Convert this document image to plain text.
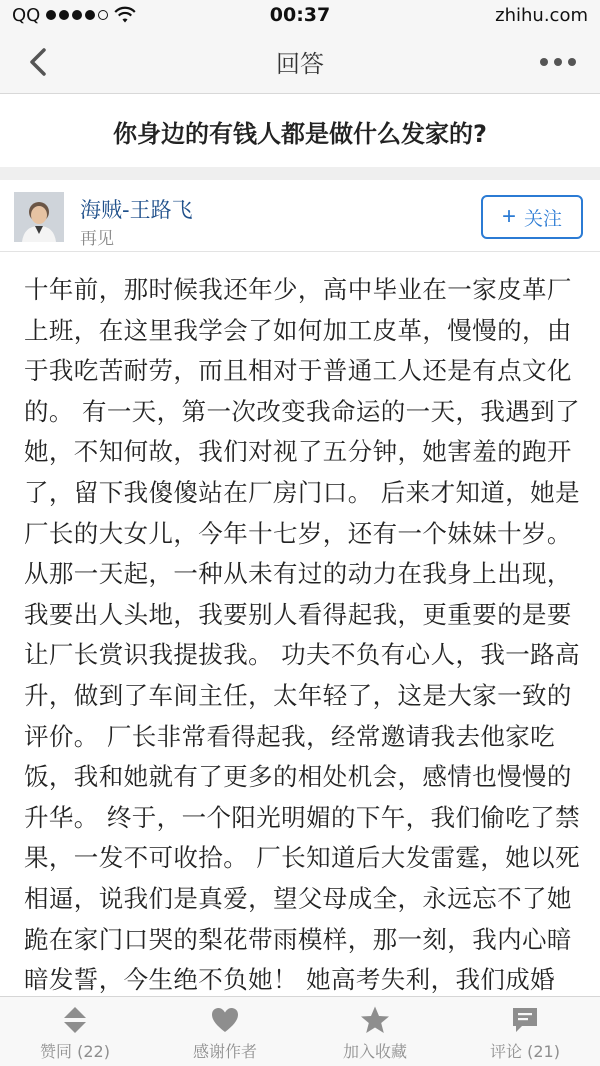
QQ	00:37	zhihu.com
回答
你身边的有钱人都是做什么发家的?
海贼-王路飞
再见
+ 关注

十年前，那时候我还年少，高中毕业在一家皮革厂上班，在这里我学会了如何加工皮革，慢慢的，由于我吃苦耐劳，而且相对于普通工人还是有点文化的。 有一天，第一次改变我命运的一天，我遇到了她，不知何故，我们对视了五分钟，她害羞的跑开了，留下我傻傻站在厂房门口。 后来才知道，她是厂长的大女儿，今年十七岁，还有一个妹妹十岁。 从那一天起，一种从未有过的动力在我身上出现，我要出人头地，我要别人看得起我，更重要的是要让厂长赏识我提拔我。 功夫不负有心人，我一路高升，做到了车间主任，太年轻了，这是大家一致的评价。 厂长非常看得起我，经常邀请我去他家吃饭，我和她就有了更多的相处机会，感情也慢慢的升华。 终于，一个阳光明媚的下午，我们偷吃了禁果，一发不可收拾。 厂长知道后大发雷霆，她以死相逼，说我们是真爱，望父母成全，永远忘不了她跪在家门口哭的梨花带雨模样，那一刻，我内心暗暗发誓，今生绝不负她！ 她高考失利，我们成婚

赞同 (22)	感谢作者	加入收藏	评论 (21)
